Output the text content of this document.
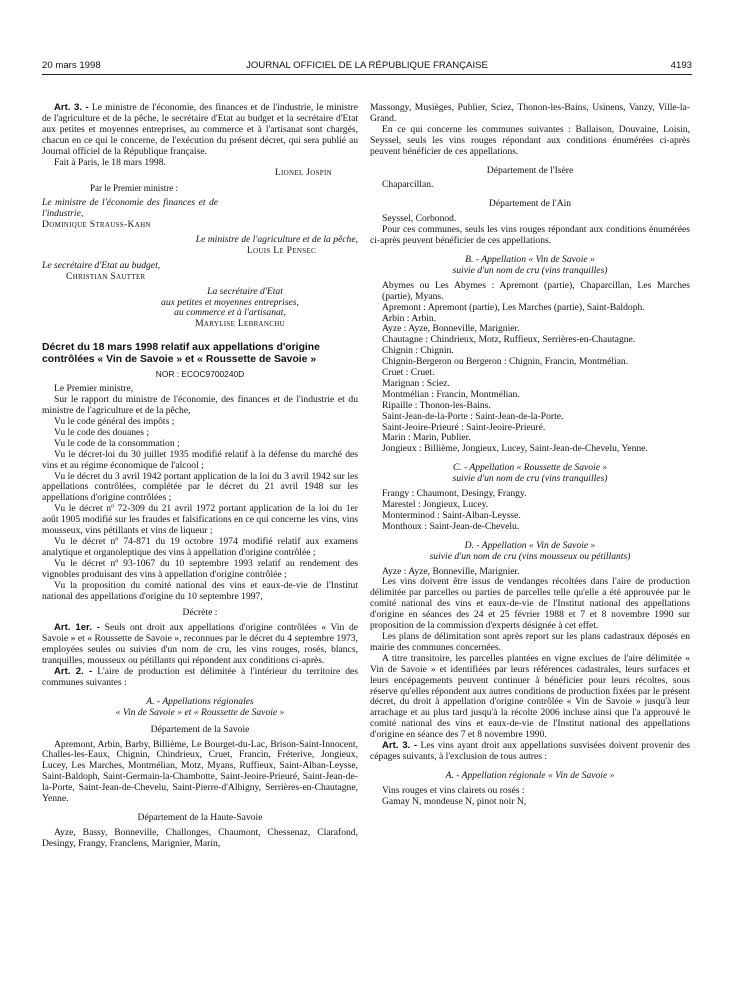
20 mars 1998	JOURNAL OFFICIEL DE LA RÉPUBLIQUE FRANÇAISE	4193

Art. 3. - Le ministre de l'économie, des finances et de l'industrie, le ministre de l'agriculture et de la pêche, le secrétaire d'Etat au budget et la secrétaire d'Etat aux petites et moyennes entreprises, au commerce et à l'artisanat sont chargés, chacun en ce qui le concerne, de l'exécution du présent décret, qui sera publié au Journal officiel de la République française.

Fait à Paris, le 18 mars 1998.

Lionel Jospin

Par le Premier ministre :

Le ministre de l'économie des finances et de l'industrie,

Dominique Strauss-Kahn

Le ministre de l'agriculture et de la pêche,

Louis Le Pensec

Le secrétaire d'Etat au budget,

Christian Sautter

La secrétaire d'Etat

aux petites et moyennes entreprises,

au commerce et à l'artisanat,

Marylise Lebranchu

Décret du 18 mars 1998 relatif aux appellations d'origine contrôlées « Vin de Savoie » et « Roussette de Savoie »

NOR : ECOC9700240D

Le Premier ministre,

Sur le rapport du ministre de l'économie, des finances et de l'industrie et du ministre de l'agriculture et de la pêche,

Vu le code général des impôts ;

Vu le code des douanes ;

Vu le code de la consommation ;

Vu le décret-loi du 30 juillet 1935 modifié relatif à la défense du marché des vins et au régime économique de l'alcool ;

Vu le décret du 3 avril 1942 portant application de la loi du 3 avril 1942 sur les appellations contrôlées, complétée par le décret du 21 avril 1948 sur les appellations d'origine contrôlées ;

Vu le décret nº 72-309 du 21 avril 1972 portant application de la loi du 1er août 1905 modifié sur les fraudes et falsifications en ce qui concerne les vins, vins mousseux, vins pétillants et vins de liqueur ;

Vu le décret nº 74-871 du 19 octobre 1974 modifié relatif aux examens analytique et organoleptique des vins à appellation d'origine contrôlée ;

Vu le décret nº 93-1067 du 10 septembre 1993 relatif au rendement des vignobles produisant des vins à appellation d'origine contrôlée ;

Vu la proposition du comité national des vins et eaux-de-vie de l'Institut national des appellations d'origine du 10 septembre 1997,

Décrète :

Art. 1er. - Seuls ont droit aux appellations d'origine contrôlées « Vin de Savoie » et « Roussette de Savoie », reconnues par le décret du 4 septembre 1973, employées seules ou suivies d'un nom de cru, les vins rouges, rosés, blancs, tranquilles, mousseux ou pétillants qui répondent aux conditions ci-après.

Art. 2. - L'aire de production est délimitée à l'intérieur du territoire des communes suivantes :

A. - Appellations régionales

« Vin de Savoie » et « Roussette de Savoie »

Département de la Savoie

Apremont, Arbin, Barby, Billième, Le Bourget-du-Lac, Brison-Saint-Innocent, Challes-les-Eaux, Chignin, Chindrieux, Cruet, Francin, Fréterive, Jongieux, Lucey, Les Marches, Montmélian, Motz, Myans, Ruffieux, Saint-Alban-Leysse, Saint-Baldoph, Saint-Germain-la-Chambotte, Saint-Jeoire-Prieuré, Saint-Jean-de-la-Porte, Saint-Jean-de-Chevelu, Saint-Pierre-d'Albigny, Serrières-en-Chautagne, Yenne.

Département de la Haute-Savoie

Ayze, Bassy, Bonneville, Challonges, Chaumont, Chessenaz, Clarafond, Desingy, Frangy, Franclens, Marignier, Marin,

Massongy, Musièges, Publier, Sciez, Thonon-les-Bains, Usinens, Vanzy, Ville-la-Grand.

En ce qui concerne les communes suivantes : Ballaison, Douvaine, Loisin, Seyssel, seuls les vins rouges répondant aux conditions énumérées ci-après peuvent bénéficier de ces appellations.

Département de l'Isère

Chaparcillan.

Département de l'Ain

Seyssel, Corbonod.

Pour ces communes, seuls les vins rouges répondant aux conditions énumérées ci-après peuvent bénéficier de ces appellations.

B. - Appellation « Vin de Savoie »

suivie d'un nom de cru (vins tranquilles)

Abymes ou Les Abymes : Apremont (partie), Chaparcillan, Les Marches (partie), Myans.

Apremont : Apremont (partie), Les Marches (partie), Saint-Baldoph.

Arbin : Arbin.

Ayze : Ayze, Bonneville, Marignier.

Chautagne : Chindrieux, Motz, Ruffieux, Serrières-en-Chautagne.

Chignin : Chignin.

Chignin-Bergeron ou Bergeron : Chignin, Francin, Montmélian.

Cruet : Cruet.

Marignan : Sciez.

Montmélian : Francin, Montmélian.

Ripaille : Thonon-les-Bains.

Saint-Jean-de-la-Porte : Saint-Jean-de-la-Porte.

Saint-Jeoire-Prieuré : Saint-Jeoire-Prieuré.

Marin : Marin, Publier.

Jongieux : Billième, Jongieux, Lucey, Saint-Jean-de-Chevelu, Yenne.

C. - Appellation « Roussette de Savoie »

suivie d'un nom de cru (vins tranquilles)

Frangy : Chaumont, Desingy, Frangy.

Marestel : Jongieux, Lucey.

Monterminod : Saint-Alban-Leysse.

Monthoux : Saint-Jean-de-Chevelu.

D. - Appellation « Vin de Savoie »

suivie d'un nom de cru (vins mousseux ou pétillants)

Ayze : Ayze, Bonneville, Marignier.

Les vins doivent être issus de vendanges récoltées dans l'aire de production délimitée par parcelles ou parties de parcelles telle qu'elle a été approuvée par le comité national des vins et eaux-de-vie de l'Institut national des appellations d'origine en séances des 24 et 25 février 1988 et 7 et 8 novembre 1990 sur proposition de la commission d'experts désignée à cet effet.

Les plans de délimitation sont après report sur les plans cadastraux déposés en mairie des communes concernées.

A titre transitoire, les parcelles plantées en vigne exclues de l'aire délimitée « Vin de Savoie » et identifiées par leurs références cadastrales, leurs surfaces et leurs encépagements peuvent continuer à bénéficier pour leurs récoltes, sous réserve qu'elles répondent aux autres conditions de production fixées par le présent décret, du droit à appellation d'origine contrôlée « Vin de Savoie » jusqu'à leur arrachage et au plus tard jusqu'à la récolte 2006 incluse ainsi que l'a approuvé le comité national des vins et eaux-de-vie de l'Institut national des appellations d'origine en séance des 7 et 8 novembre 1990.

Art. 3. - Les vins ayant droit aux appellations susvisées doivent provenir des cépages suivants, à l'exclusion de tous autres :

A. - Appellation régionale « Vin de Savoie »

Vins rouges et vins clairets ou rosés :

Gamay N, mondeuse N, pinot noir N,
